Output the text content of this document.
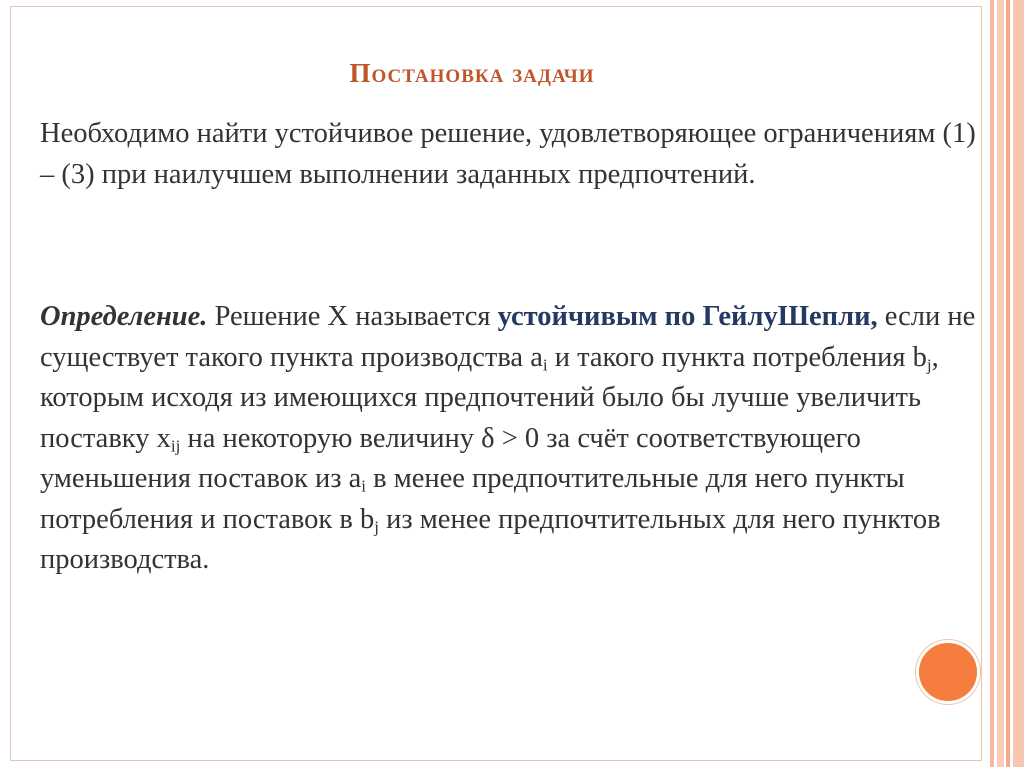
Постановка задачи

Необходимо найти устойчивое решение, удовлетворяющее ограничениям (1) – (3) при наилучшем выполнении заданных предпочтений.

Определение. Решение X называется устойчивым по ГейлуШепли, если не существует такого пункта производства $a_i$ и такого пункта потребления $b_j$, которым исходя из имеющихся предпочтений было бы лучше увеличить поставку $x_{ij}$ на некоторую величину δ > 0 за счёт соответствующего уменьшения поставок из $a_i$ в менее предпочтительные для него пункты потребления и поставок в $b_j$ из менее предпочтительных для него пунктов производства.
